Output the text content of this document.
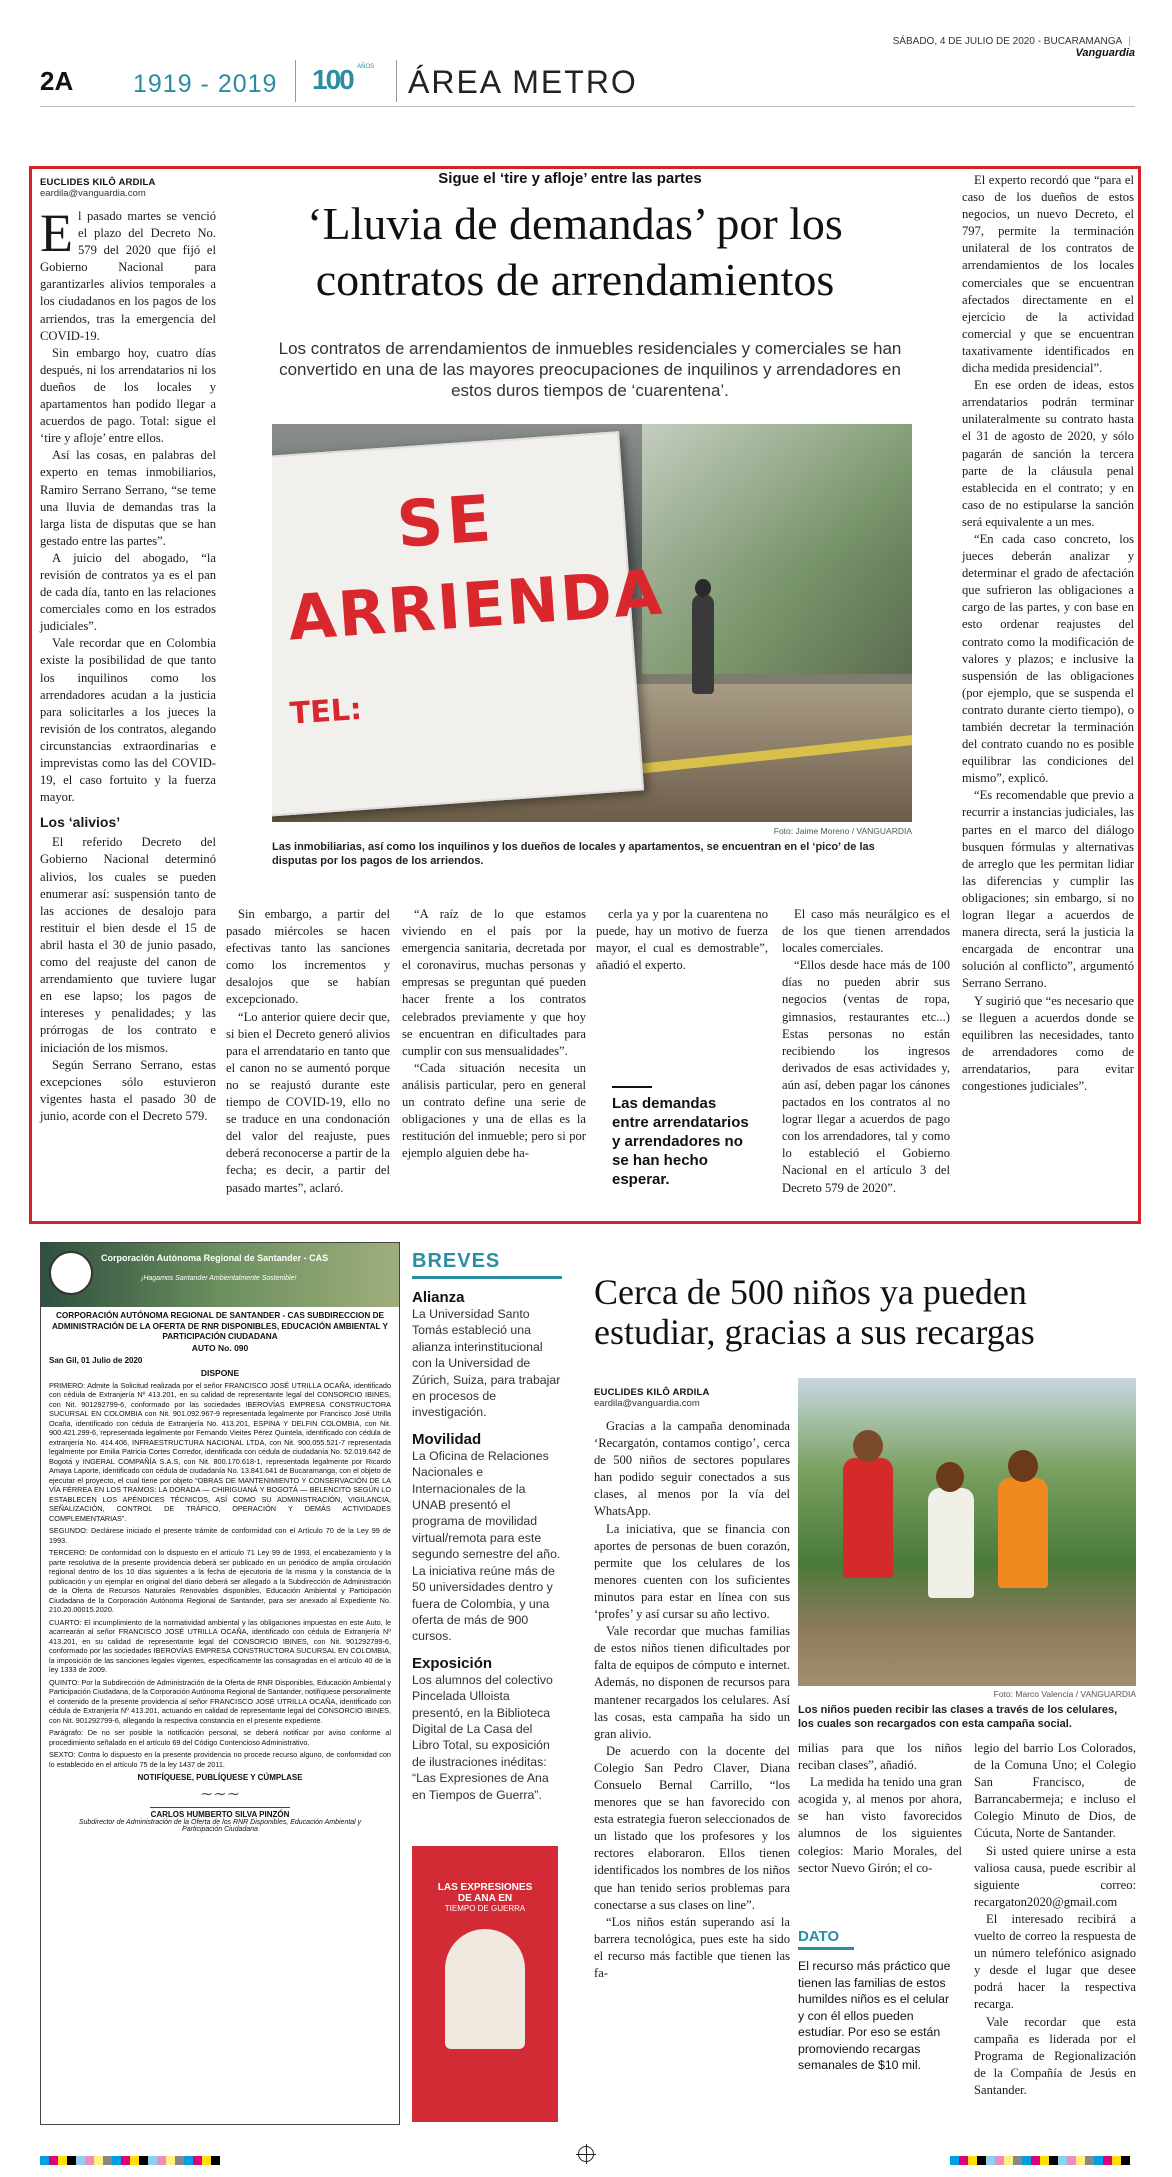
SÁBADO, 4 DE JULIO DE 2020 - BUCARAMANGA | Vanguardia
2A 1919 - 2019 100 $^{AÑOS}$	ÁREA METRO
EUCLIDES KILÔ ARDILA
eardila@vanguardia.com
Sigue el ‘tire y afloje’ entre las partes
‘Lluvia de demandas’ por los
contratos de arrendamientos
Los contratos de arrendamientos de inmuebles residenciales y comerciales se han convertido en una de las mayores preocupaciones de inquilinos y arrendadores en estos duros tiempos de ‘cuarentena’.
SE
ARRIENDA
TEL:
Foto: Jaime Moreno / VANGUARDIA
Las inmobiliarias, así como los inquilinos y los dueños de locales y apartamentos, se encuentran en el ‘pico’ de las disputas por los pagos de los arriendos.

El pasado martes se venció el plazo del Decreto No. 579 del 2020 que fijó el Gobierno Nacional para garantizarles alivios temporales a los ciudadanos en los pagos de los arriendos, tras la emergencia del COVID-19.

Sin embargo hoy, cuatro días después, ni los arrendatarios ni los dueños de los locales y apartamentos han podido llegar a acuerdos de pago. Total: sigue el ‘tire y afloje’ entre ellos.

Así las cosas, en palabras del experto en temas inmobiliarios, Ramiro Serrano Serrano, “se teme una lluvia de demandas tras la larga lista de disputas que se han gestado entre las partes”.

A juicio del abogado, “la revisión de contratos ya es el pan de cada día, tanto en las relaciones comerciales como en los estrados judiciales”.

Vale recordar que en Colombia existe la posibilidad de que tanto los inquilinos como los arrendadores acudan a la justicia para solicitarles a los jueces la revisión de los contratos, alegando circunstancias extraordinarias e imprevistas como las del COVID-19, el caso fortuito y la fuerza mayor.

Los ‘alivios’

El referido Decreto del Gobierno Nacional determinó alivios, los cuales se pueden enumerar así: suspensión tanto de las acciones de desalojo para restituir el bien desde el 15 de abril hasta el 30 de junio pasado, como del reajuste del canon de arrendamiento que tuviere lugar en ese lapso; los pagos de intereses y penalidades; y las prórrogas de los contrato e iniciación de los mismos.

Según Serrano Serrano, estas excepciones sólo estuvieron vigentes hasta el pasado 30 de junio, acorde con el Decreto 579.

Sin embargo, a partir del pasado miércoles se hacen efectivas tanto las sanciones como los incrementos y desalojos que se habían excepcionado.

“Lo anterior quiere decir que, si bien el Decreto generó alivios para el arrendatario en tanto que el canon no se aumentó porque no se reajustó durante este tiempo de COVID-19, ello no se traduce en una condonación del valor del reajuste, pues deberá reconocerse a partir de la fecha; es decir, a partir del pasado martes”, aclaró.

“A raíz de lo que estamos viviendo en el país por la emergencia sanitaria, decretada por el coronavirus, muchas personas y empresas se preguntan qué pueden hacer frente a los contratos celebrados previamente y que hoy se encuentran en dificultades para cumplir con sus mensualidades”.

“Cada situación necesita un análisis particular, pero en general un contrato define una serie de obligaciones y una de ellas es la restitución del inmueble; pero si por ejemplo alguien debe ha-

cerla ya y por la cuarentena no puede, hay un motivo de fuerza mayor, el cual es demostrable”, añadió el experto.

Las demandas entre arrendatarios y arrendadores no se han hecho esperar.

El caso más neurálgico es el de los que tienen arrendados locales comerciales.

“Ellos desde hace más de 100 días no pueden abrir sus negocios (ventas de ropa, gimnasios, restaurantes etc...) Estas personas no están recibiendo los ingresos derivados de esas actividades y, aún así, deben pagar los cánones pactados en los contratos al no lograr llegar a acuerdos de pago con los arrendadores, tal y como lo estableció el Gobierno Nacional en el artículo 3 del Decreto 579 de 2020”.

El experto recordó que “para el caso de los dueños de estos negocios, un nuevo Decreto, el 797, permite la terminación unilateral de los contratos de arrendamientos de los locales comerciales que se encuentran afectados directamente en el ejercicio de la actividad comercial y que se encuentran taxativamente identificados en dicha medida presidencial”.

En ese orden de ideas, estos arrendatarios podrán terminar unilateralmente su contrato hasta el 31 de agosto de 2020, y sólo pagarán de sanción la tercera parte de la cláusula penal establecida en el contrato; y en caso de no estipularse la sanción será equivalente a un mes.

“En cada caso concreto, los jueces deberán analizar y determinar el grado de afectación que sufrieron las obligaciones a cargo de las partes, y con base en esto ordenar reajustes del contrato como la modificación de valores y plazos; e inclusive la suspensión de las obligaciones (por ejemplo, que se suspenda el contrato durante cierto tiempo), o también decretar la terminación del contrato cuando no es posible equilibrar las condiciones del mismo”, explicó.

“Es recomendable que previo a recurrir a instancias judiciales, las partes en el marco del diálogo busquen fórmulas y alternativas de arreglo que les permitan lidiar las diferencias y cumplir las obligaciones; sin embargo, si no logran llegar a acuerdos de manera directa, será la justicia la encargada de encontrar una solución al conflicto”, argumentó Serrano Serrano.

Y sugirió que “es necesario que se lleguen a acuerdos donde se equilibren las necesidades, tanto de arrendadores como de arrendatarios, para evitar congestiones judiciales”.

Corporación Autónoma Regional de Santander - CAS
¡Hagamos Santander Ambientalmente Sostenible!
CORPORACIÓN AUTÓNOMA REGIONAL DE SANTANDER - CAS SUBDIRECCION DE ADMINISTRACIÓN DE LA OFERTA DE RNR DISPONIBLES, EDUCACIÓN AMBIENTAL Y PARTICIPACIÓN CIUDADANA
AUTO No. 090
San Gil, 01 Julio de 2020
DISPONE

PRIMERO: Admite la Solicitud realizada por el señor FRANCISCO JOSÉ UTRILLA OCAÑA, identificado con cédula de Extranjería Nº 413.201, en su calidad de representante legal del CONSORCIO IBINES, con Nit. 901292799-6, conformado por las sociedades IBEROVÍAS EMPRESA CONSTRUCTORA SUCURSAL EN COLOMBIA con Nit. 901.092.967-9 representada legalmente por Francisco José Utrilla Ocaña, identificado con cédula de Extranjería No. 413.201, ESPINA Y DELFIN COLOMBIA, con Nit. 900.421.299-6, representada legalmente por Fernando Vieites Pérez Quintela, identificado con cédula de extranjería No. 414.406, INFRAESTRUCTURA NACIONAL LTDA, con Nit. 900.055.521-7 representada legalmente por Emilia Patricia Cortes Corredor, identificada con cédula de ciudadanía No. 52.019.642 de Bogotá y INGERAL COMPAÑÍA S.A.S, con Nit. 800.170.618-1, representada legalmente por Ricardo Amaya Laporte, identificado con cédula de ciudadanía No. 13.841.641 de Bucaramanga, con el objeto de ejecutar el proyecto, el cual tiene por objeto “OBRAS DE MANTENIMIENTO Y CONSERVACIÓN DE LA VÍA FÉRREA EN LOS TRAMOS: LA DORADA — CHIRIGUANÁ Y BOGOTÁ — BELENCITO SEGÚN LO ESTABLECEN LOS APÉNDICES TÉCNICOS, ASÍ COMO SU ADMINISTRACIÓN, VIGILANCIA, SEÑALIZACIÓN, CONTROL DE TRÁFICO, OPERACIÓN Y DEMÁS ACTIVIDADES COMPLEMENTARIAS”.

SEGUNDO: Declárese iniciado el presente trámite de conformidad con el Artículo 70 de la Ley 99 de 1993.

TERCERO: De conformidad con lo dispuesto en el artículo 71 Ley 99 de 1993, el encabezamiento y la parte resolutiva de la presente providencia deberá ser publicado en un periódico de amplia circulación regional dentro de los 10 días siguientes a la fecha de ejecutoria de la misma y la constancia de la publicación y un ejemplar en original del diario deberá ser allegado a la Subdirección de Administración de la Oferta de Recursos Naturales Renovables disponibles, Educación Ambiental y Participación Ciudadana de la Corporación Autónoma Regional de Santander, para ser anexado al Expediente No. 210.20.00015.2020.

CUARTO: El incumplimiento de la normatividad ambiental y las obligaciones impuestas en este Auto, le acarrearán al señor FRANCISCO JOSÉ UTRILLA OCAÑA, identificado con cédula de Extranjería Nº 413.201, en su calidad de representante legal del CONSORCIO IBINES, con Nit. 901292799-6, conformado por las sociedades IBEROVÍAS EMPRESA CONSTRUCTORA SUCURSAL EN COLOMBIA, la imposición de las sanciones legales vigentes, específicamente las consagradas en el artículo 40 de la ley 1333 de 2009.

QUINTO: Por la Subdirección de Administración de la Oferta de RNR Disponibles, Educación Ambiental y Participación Ciudadana, de la Corporación Autónoma Regional de Santander, notifíquese personalmente el contenido de la presente providencia al señor FRANCISCO JOSÉ UTRILLA OCAÑA, identificado con cédula de Extranjería Nº 413.201, actuando en calidad de representante legal del CONSORCIO IBINES, con Nit. 901292799-6, allegando la respectiva constancia en el presente expediente.

Parágrafo: De no ser posible la notificación personal, se deberá notificar por aviso conforme al procedimiento señalado en el artículo 69 del Código Contencioso Administrativo.

SEXTO: Contra lo dispuesto en la presente providencia no procede recurso alguno, de conformidad con lo establecido en el artículo 75 de la ley 1437 de 2011.

NOTIFÍQUESE, PUBLÍQUESE Y CÚMPLASE
∼∼∼
CARLOS HUMBERTO SILVA PINZÓN
Subdirector de Administración de la Oferta de los RNR Disponibles, Educación Ambiental y Participación Ciudadana
BREVES
Alianza
La Universidad Santo Tomás estableció una alianza interinstitucional con la Universidad de Zúrich, Suiza, para trabajar en procesos de investigación.
Movilidad
La Oficina de Relaciones Nacionales e Internacionales de la UNAB presentó el programa de movilidad virtual/remota para este segundo semestre del año. La iniciativa reúne más de 50 universidades dentro y fuera de Colombia, y una oferta de más de 900 cursos.
Exposición
Los alumnos del colectivo Pincelada Ulloista presentó, en la Biblioteca Digital de La Casa del Libro Total, su exposición de ilustraciones inéditas: “Las Expresiones de Ana en Tiempos de Guerra”.
LAS EXPRESIONES
DE ANA EN
TIEMPO DE GUERRA
Cerca de 500 niños ya pueden
estudiar, gracias a sus recargas
EUCLIDES KILÔ ARDILA
eardila@vanguardia.com
Foto: Marco Valencia / VANGUARDIA
Los niños pueden recibir las clases a través de los celulares, los cuales son recargados con esta campaña social.

Gracias a la campaña denominada ‘Recargatón, contamos contigo’, cerca de 500 niños de sectores populares han podido seguir conectados a sus clases, al menos por la vía del WhatsApp.

La iniciativa, que se financia con aportes de personas de buen corazón, permite que los celulares de los menores cuenten con los suficientes minutos para estar en línea con sus ‘profes’ y así cursar su año lectivo.

Vale recordar que muchas familias de estos niños tienen dificultades por falta de equipos de cómputo e internet. Además, no disponen de recursos para mantener recargados los celulares. Así las cosas, esta campaña ha sido un gran alivio.

De acuerdo con la docente del Colegio San Pedro Claver, Diana Consuelo Bernal Carrillo, “los menores que se han favorecido con esta estrategia fueron seleccionados de un listado que los profesores y los rectores elaboraron. Ellos tienen identificados los nombres de los niños que han tenido serios problemas para conectarse a sus clases on line”.

“Los niños están superando así la barrera tecnológica, pues este ha sido el recurso más factible que tienen las fa-

milias para que los niños reciban clases”, añadió.

La medida ha tenido una gran acogida y, al menos por ahora, se han visto favorecidos alumnos de los siguientes colegios: Mario Morales, del sector Nuevo Girón; el co-

DATO
El recurso más práctico que tienen las familias de estos humildes niños es el celular y con él ellos pueden estudiar. Por eso se están promoviendo recargas semanales de $10 mil.

legio del barrio Los Colorados, de la Comuna Uno; el Colegio San Francisco, de Barrancabermeja; e incluso el Colegio Minuto de Dios, de Cúcuta, Norte de Santander.

Si usted quiere unirse a esta valiosa causa, puede escribir al siguiente correo: recargaton2020@gmail.com

El interesado recibirá a vuelto de correo la respuesta de un número telefónico asignado y desde el lugar que desee podrá hacer la respectiva recarga.

Vale recordar que esta campaña es liderada por el Programa de Regionalización de la Compañía de Jesús en Santander.
